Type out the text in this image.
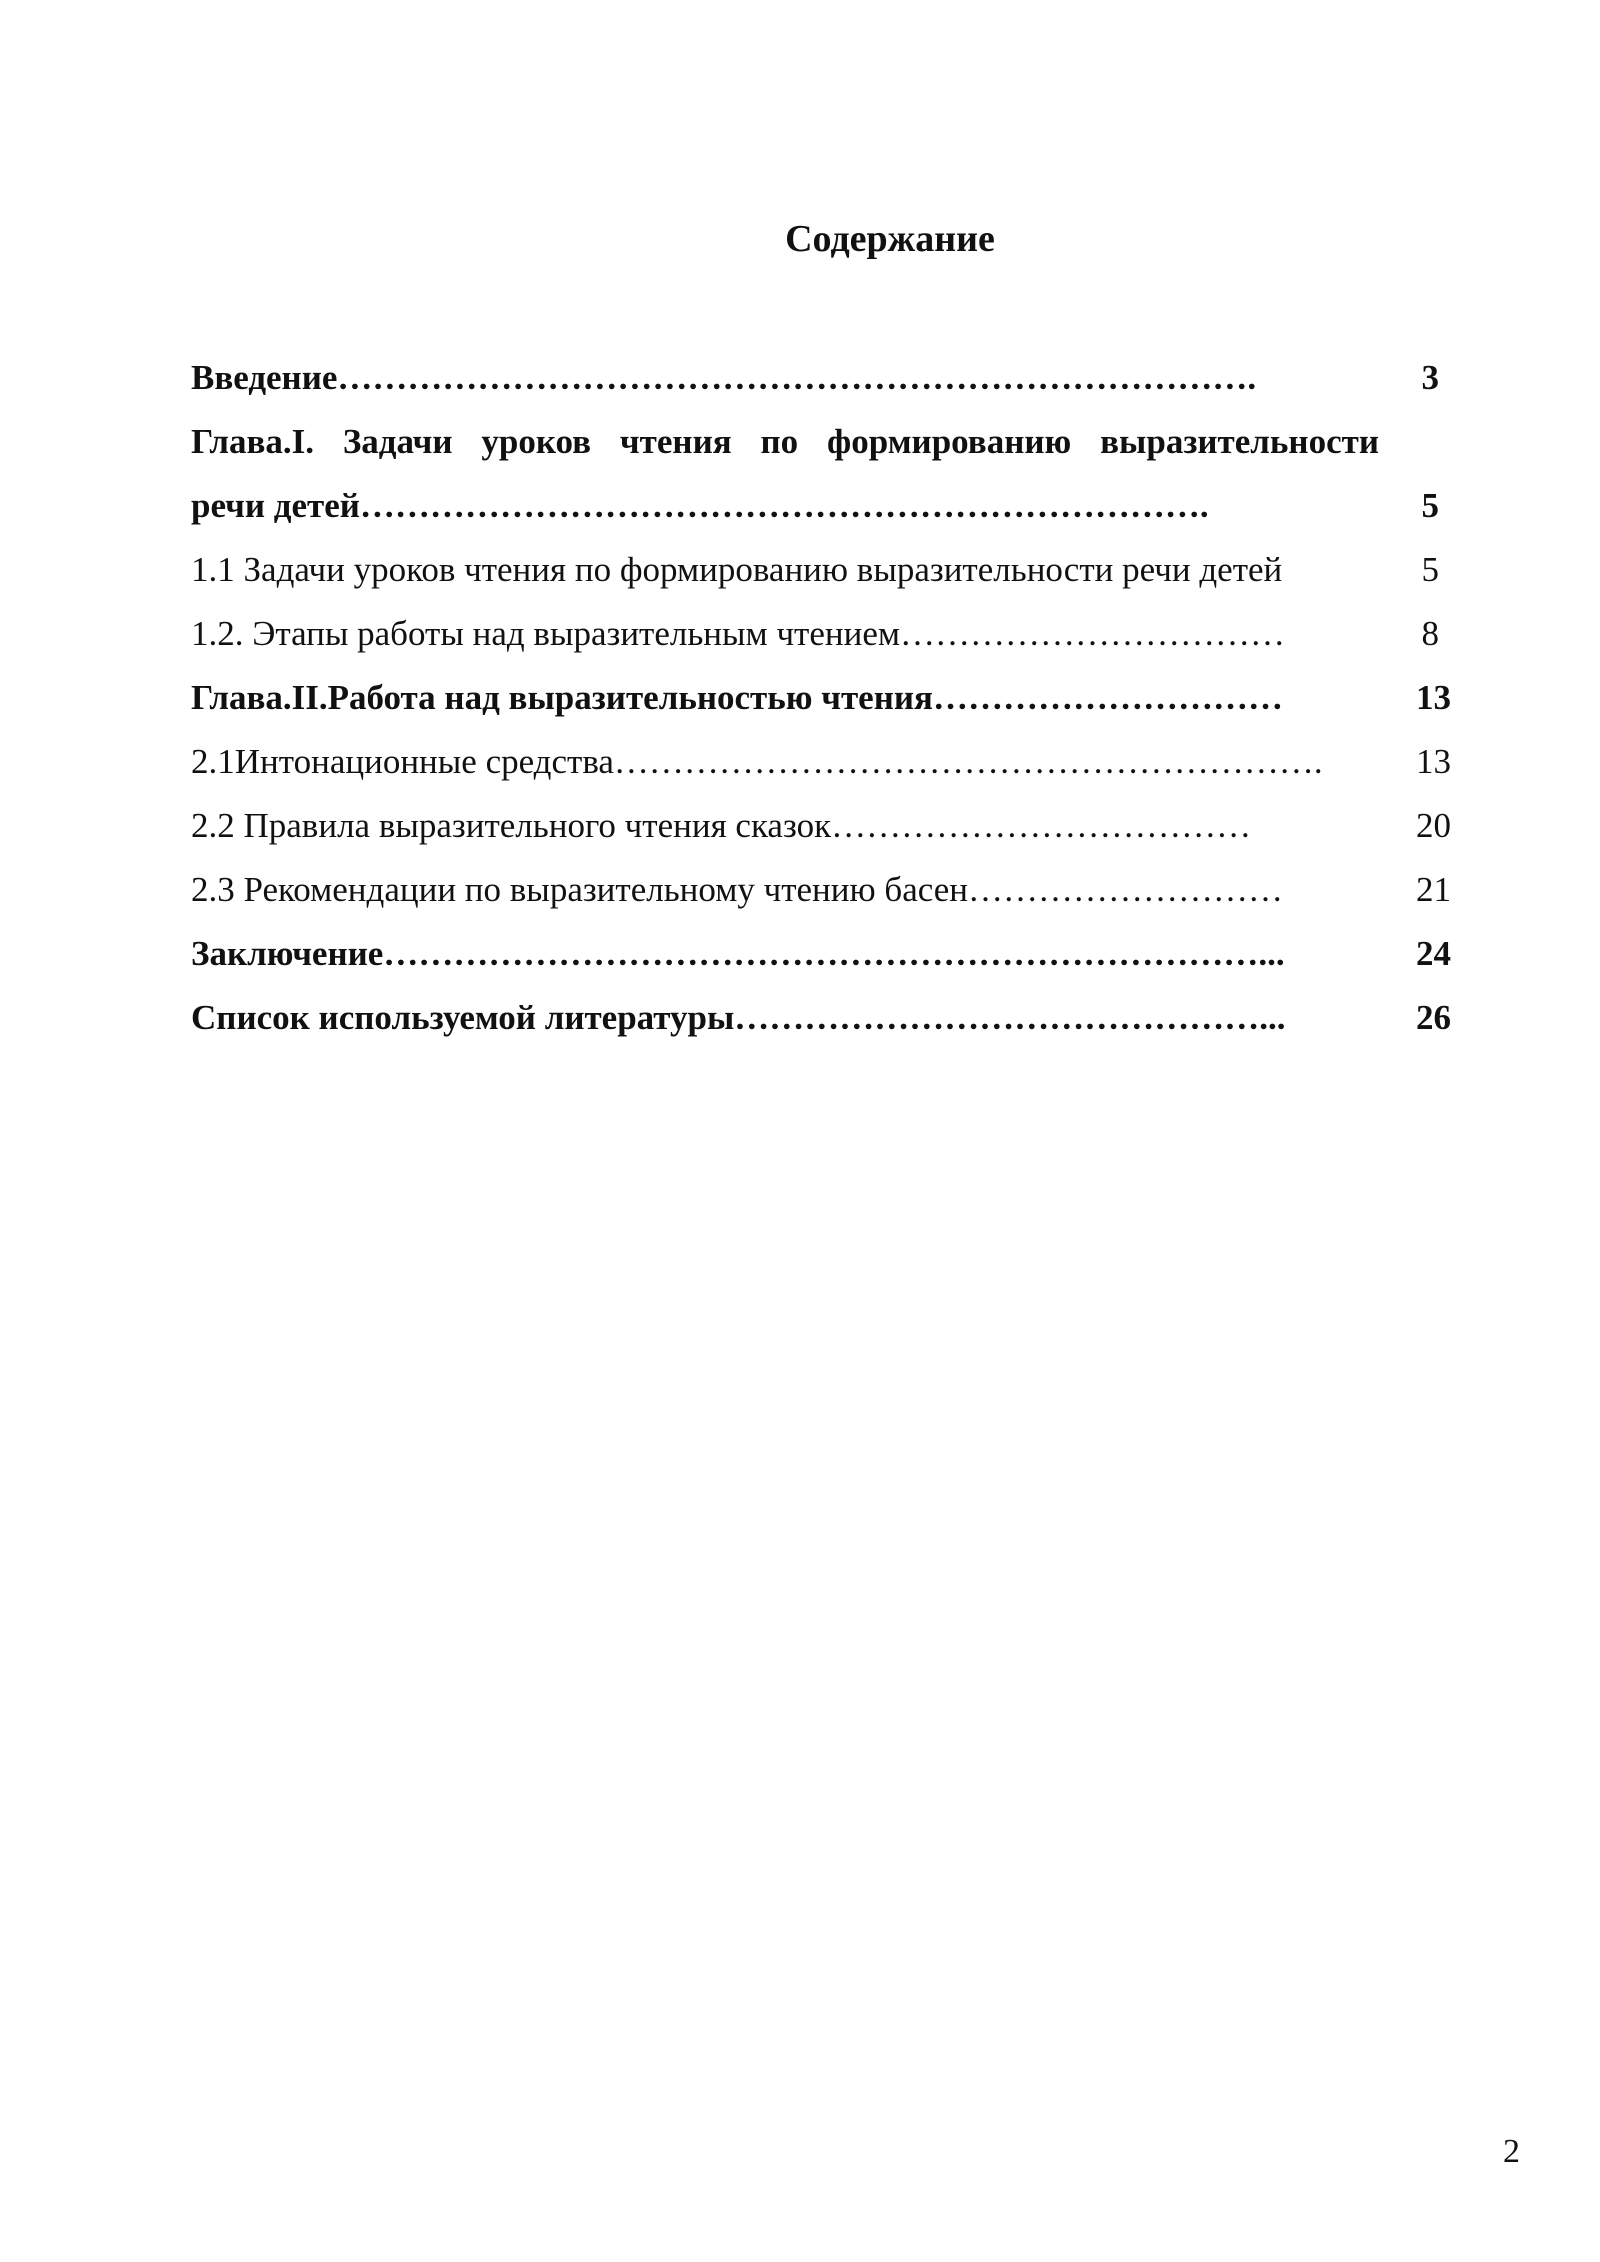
Содержание
Введение…………………………………………………………………….	3
Глава.I. Задачи уроков чтения по формированию выразительности
речи детей……………………………………………………………….	5
1.1 Задачи уроков чтения по формированию выразительности речи детей	5
1.2. Этапы работы над выразительным чтением……………………………	8
Глава.II.Работа над выразительностью чтения…………………………	13
2.1Интонационные средства…………………………………………………….	13
2.2 Правила выразительного чтения сказок………………………………	20
2.3 Рекомендации по выразительному чтению басен………………………	21
Заключение…………………………………………………………………...	24
Список используемой литературы………………………………………...	26
2
